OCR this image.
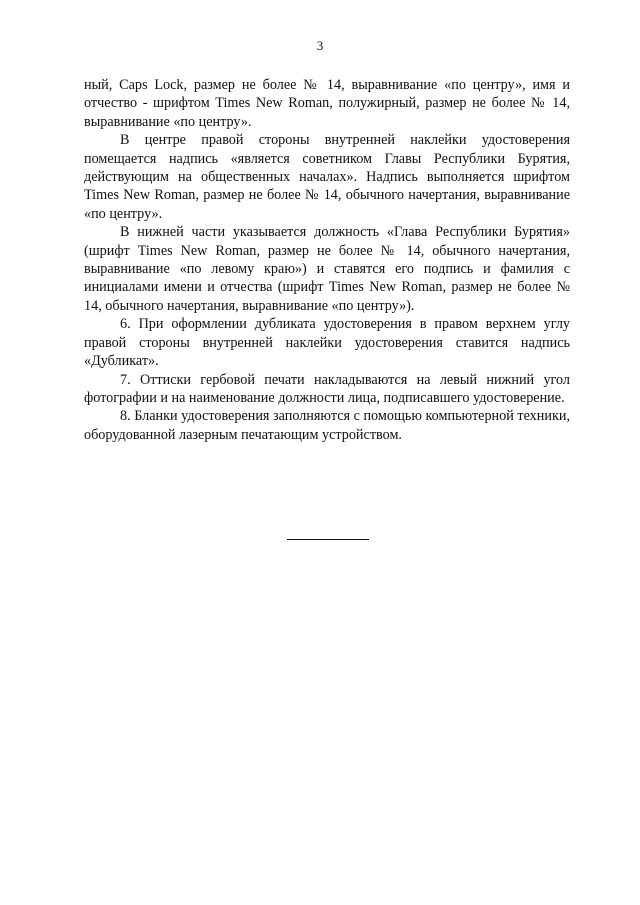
3

ный, Caps Lock, размер не более № 14, выравнивание «по центру», имя и отчество - шрифтом Times New Roman, полужирный, размер не более № 14, выравнивание «по центру».

В центре правой стороны внутренней наклейки удостоверения помещается надпись «является советником Главы Республики Бурятия, действующим на общественных началах». Надпись выполняется шрифтом Times New Roman, размер не более № 14, обычного начертания, выравнивание «по центру».

В нижней части указывается должность «Глава Республики Бурятия» (шрифт Times New Roman, размер не более № 14, обычного начертания, выравнивание «по левому краю») и ставятся его подпись и фамилия с инициалами имени и отчества (шрифт Times New Roman, размер не более № 14, обычного начертания, выравнивание «по центру»).

6. При оформлении дубликата удостоверения в правом верхнем углу правой стороны внутренней наклейки удостоверения ставится надпись «Дубликат».

7. Оттиски гербовой печати накладываются на левый нижний угол фотографии и на наименование должности лица, подписавшего удостоверение.

8. Бланки удостоверения заполняются с помощью компьютерной техники, оборудованной лазерным печатающим устройством.
